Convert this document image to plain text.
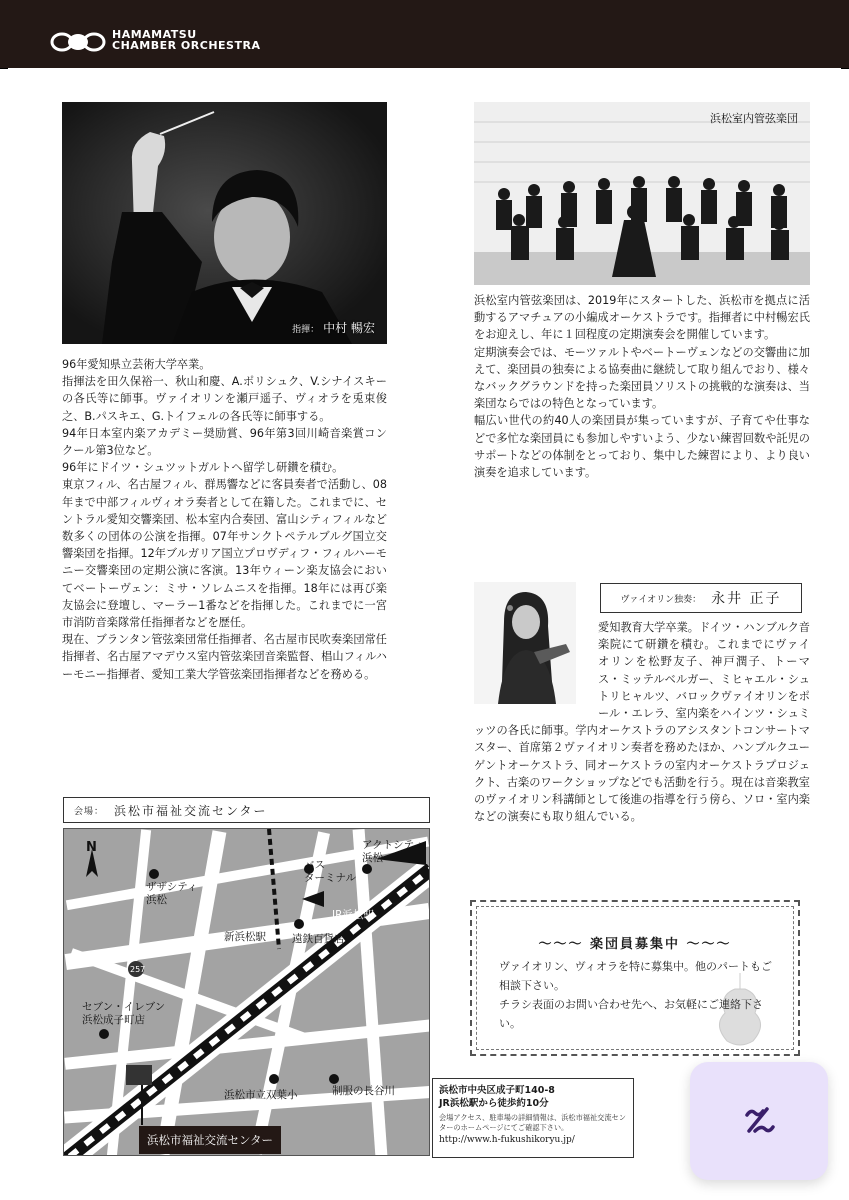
HAMAMATSU
CHAMBER ORCHESTRA
指揮： 中村 暢宏

96年愛知県立芸術大学卒業。

指揮法を田久保裕一、秋山和慶、A.ポリシュク、V.シナイスキーの各氏等に師事。ヴァイオリンを瀬戸遥子、ヴィオラを兎束俊之、B.パスキエ、G.トイフェルの各氏等に師事する。

94年日本室内楽アカデミー奨励賞、96年第3回川崎音楽賞コンクール第3位など。

96年にドイツ・シュツットガルトへ留学し研鑽を積む。

東京フィル、名古屋フィル、群馬響などに客員奏者で活動し、08年まで中部フィルヴィオラ奏者として在籍した。これまでに、セントラル愛知交響楽団、松本室内合奏団、富山シティフィルなど数多くの団体の公演を指揮。07年サンクトペテルブルグ国立交響楽団を指揮。12年ブルガリア国立プロヴディフ・フィルハーモニー交響楽団の定期公演に客演。13年ウィーン楽友協会においてベートーヴェン：ミサ・ソレムニスを指揮。18年には再び楽友協会に登壇し、マーラー1番などを指揮した。これまでに一宮市消防音楽隊常任指揮者などを歴任。

現在、ブランタン管弦楽団常任指揮者、名古屋市民吹奏楽団常任指揮者、名古屋アマデウス室内管弦楽団音楽監督、椙山フィルハーモニー指揮者、愛知工業大学管弦楽団指揮者などを務める。

浜松室内管弦楽団

浜松室内管弦楽団は、2019年にスタートした、浜松市を拠点に活動するアマチュアの小編成オーケストラです。指揮者に中村暢宏氏をお迎えし、年に１回程度の定期演奏会を開催しています。

定期演奏会では、モーツァルトやベートーヴェンなどの交響曲に加えて、楽団員の独奏による協奏曲に継続して取り組んでおり、様々なバックグラウンドを持った楽団員ソリストの挑戦的な演奏は、当楽団ならではの特色となっています。

幅広い世代の約40人の楽団員が集っていますが、子育てや仕事などで多忙な楽団員にも参加しやすいよう、少ない練習回数や託児のサポートなどの体制をとっており、集中した練習により、より良い演奏を追求しています。

ヴァイオリン独奏： 永井 正子

愛知教育大学卒業。ドイツ・ハンブルク音楽院にて研鑽を積む。これまでにヴァイオリンを松野友子、神戸潤子、トーマス・ミッテルベルガー、ミヒャエル・シュトリヒャルツ、バロックヴァイオリンをポール・エレラ、室内楽をハインツ・シュミッツの各氏に師事。学内オーケストラのアシスタントコンサートマスター、首席第２ヴァイオリン奏者を務めたほか、ハンブルクユーゲントオーケストラ、同オーケストラの室内オーケストラプロジェクト、古楽のワークショップなどでも活動を行う。現在は音楽教室のヴァイオリン科講師として後進の指導を行う傍ら、ソロ・室内楽などの演奏にも取り組んでいる。

〜〜〜 楽団員募集中 〜〜〜

ヴァイオリン、ヴィオラを特に募集中。他のパートもご相談下さい。

チラシ表面のお問い合わせ先へ、お気軽にご連絡下さい。

会場： 浜松市福祉交流センター
N
ザザシティ
浜松
バス
ターミナル
アクトシティ
浜松
JR浜松駅
新浜松駅 遠鉄百貨店
257
セブン・イレブン
浜松成子町店
浜松市立双葉小	制服の長谷川
浜松市福祉交流センター
浜松市中央区成子町140-8
JR浜松駅から徒歩約10分
会場アクセス、駐車場の詳細情報は、浜松市福祉交流センターのホームページにてご確認下さい。
http://www.h-fukushikoryu.jp/
